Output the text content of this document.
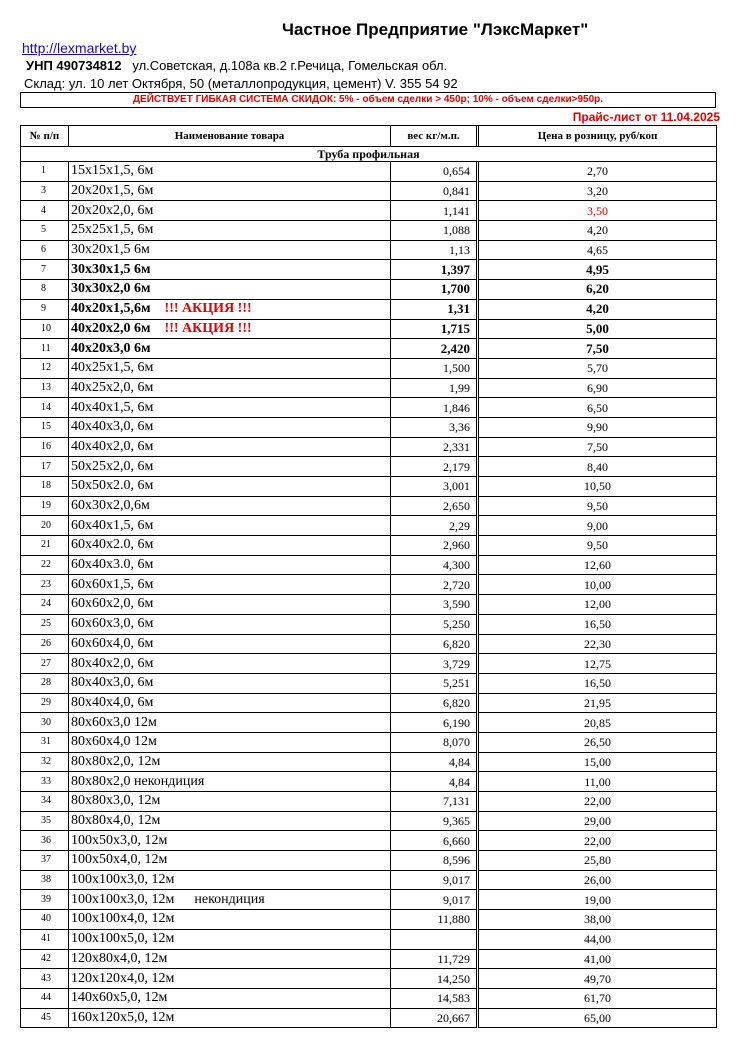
Частное Предприятие "ЛэксМаркет"
http://lexmarket.by
УНП 490734812 ул.Советская, д.108а кв.2 г.Речица, Гомельская обл.
Склад: ул. 10 лет Октября, 50 (металлопродукция, цемент) V. 355 54 92
ДЕЙСТВУЕТ ГИБКАЯ СИСТЕМА СКИДОК: 5% - объем сделки > 450р; 10% - объем сделки>950р.
Прайс-лист от 11.04.2025
№ п/п	Наименование товара	вес кг/м.п.		Цена в розницу, руб/коп
Труба профильная				
1	15х15х1,5, 6м	0,654		2,70
3	20х20х1,5, 6м	0,841		3,20
4	20х20х2,0, 6м	1,141		3,50
5	25х25х1,5, 6м	1,088		4,20
6	30х20х1,5 6м	1,13		4,65
7	30х30х1,5 6м	1,397		4,95
8	30х30х2,0 6м	1,700		6,20
9	40х20х1,5,6м !!! АКЦИЯ !!!	1,31		4,20
10	40х20х2,0 6м !!! АКЦИЯ !!!	1,715		5,00
11	40х20х3,0 6м	2,420		7,50
12	40х25х1,5, 6м	1,500		5,70
13	40х25х2,0, 6м	1,99		6,90
14	40х40х1,5, 6м	1,846		6,50
15	40х40х3,0, 6м	3,36		9,90
16	40х40х2,0, 6м	2,331		7,50
17	50х25х2,0, 6м	2,179		8,40
18	50х50х2.0, 6м	3,001		10,50
19	60х30х2,0,6м	2,650		9,50
20	60х40х1,5, 6м	2,29		9,00
21	60х40х2.0, 6м	2,960		9,50
22	60х40х3.0, 6м	4,300		12,60
23	60х60х1,5, 6м	2,720		10,00
24	60х60х2,0, 6м	3,590		12,00
25	60х60х3,0, 6м	5,250		16,50
26	60х60х4,0, 6м	6,820		22,30
27	80х40х2,0, 6м	3,729		12,75
28	80х40х3,0, 6м	5,251		16,50
29	80х40х4,0, 6м	6,820		21,95
30	80х60х3,0 12м	6,190		20,85
31	80х60х4,0 12м	8,070		26,50
32	80х80х2,0, 12м	4,84		15,00
33	80х80х2,0 некондиция	4,84		11,00
34	80х80х3,0, 12м	7,131		22,00
35	80х80х4,0, 12м	9,365		29,00
36	100х50х3,0, 12м	6,660		22,00
37	100х50х4,0, 12м	8,596		25,80
38	100х100х3,0, 12м	9,017		26,00
39	100х100х3,0, 12м некондиция	9,017		19,00
40	100х100х4,0, 12м	11,880		38,00
41	100х100х5,0, 12м			44,00
42	120х80х4,0, 12м	11,729		41,00
43	120х120х4,0, 12м	14,250		49,70
44	140х60х5,0, 12м	14,583		61,70
45	160х120х5,0, 12м	20,667		65,00
